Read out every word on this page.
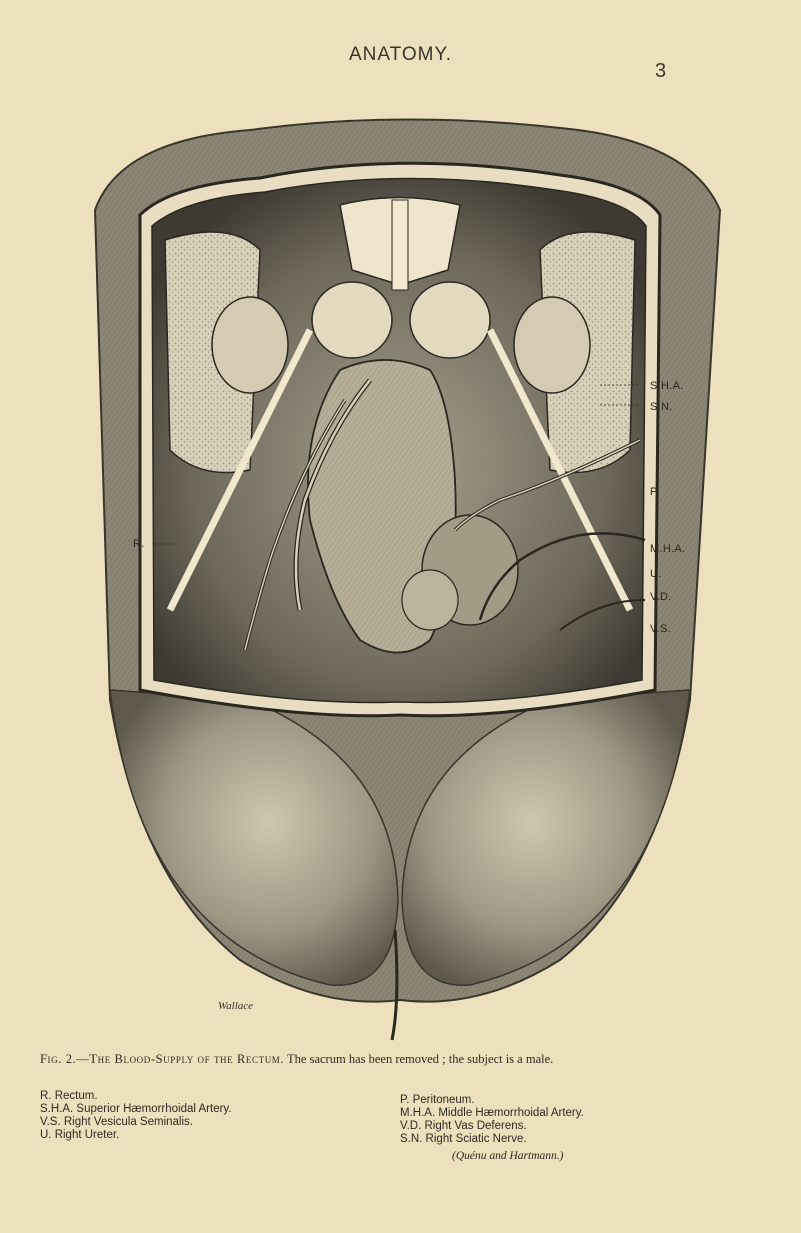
ANATOMY.
3
S.H.A.
S.N.
P.
M.H.A.
U.
V.D.
V.S.
R.
Wallace
Fig. 2.—The Blood-Supply of the Rectum. The sacrum has been removed ; the subject is a male.
R. Rectum.
S.H.A. Superior Hæmorrhoidal Artery.
V.S. Right Vesicula Seminalis.
U. Right Ureter.
P. Peritoneum.
M.H.A. Middle Hæmorrhoidal Artery.
V.D. Right Vas Deferens.
S.N. Right Sciatic Nerve.
(Quénu and Hartmann.)
